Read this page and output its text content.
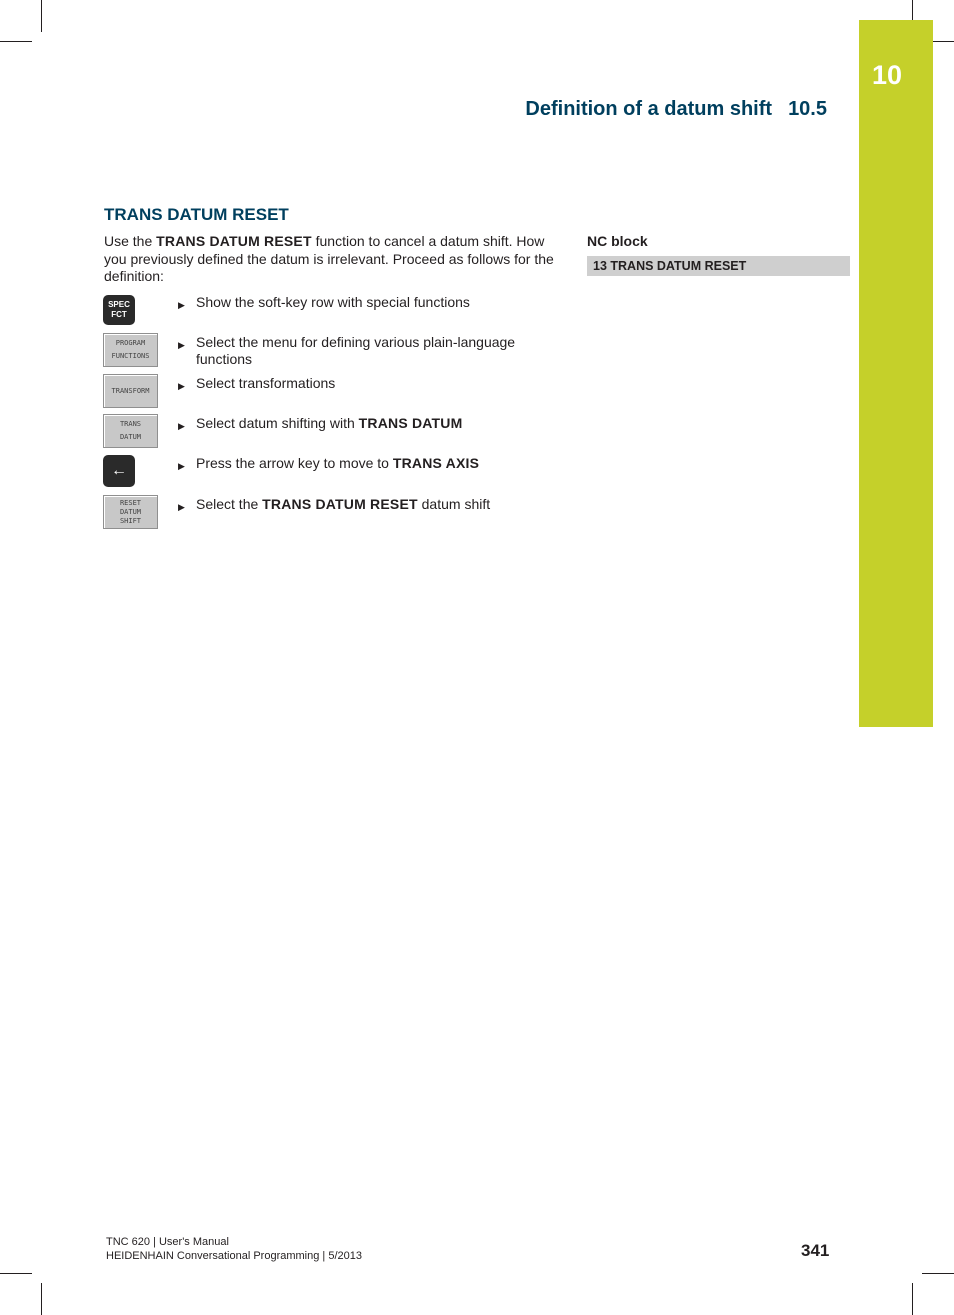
10
Definition of a datum shift 10.5
TRANS DATUM RESET

Use the TRANS DATUM RESET function to cancel a datum shift. How you previously defined the datum is irrelevant. Proceed as follows for the definition:

SPEC
FCT
▶ Show the soft-key row with special functions
PROGRAM
FUNCTIONS
▶ Select the menu for defining various plain-language functions
TRANSFORM	▶ Select transformations
TRANS
DATUM
▶ Select datum shifting with TRANS DATUM
←	▶ Press the arrow key to move to TRANS AXIS
RESET
DATUM
SHIFT
▶ Select the TRANS DATUM RESET datum shift
NC block
13 TRANS DATUM RESET
TNC 620 | User's Manual
HEIDENHAIN Conversational Programming | 5/2013	341
